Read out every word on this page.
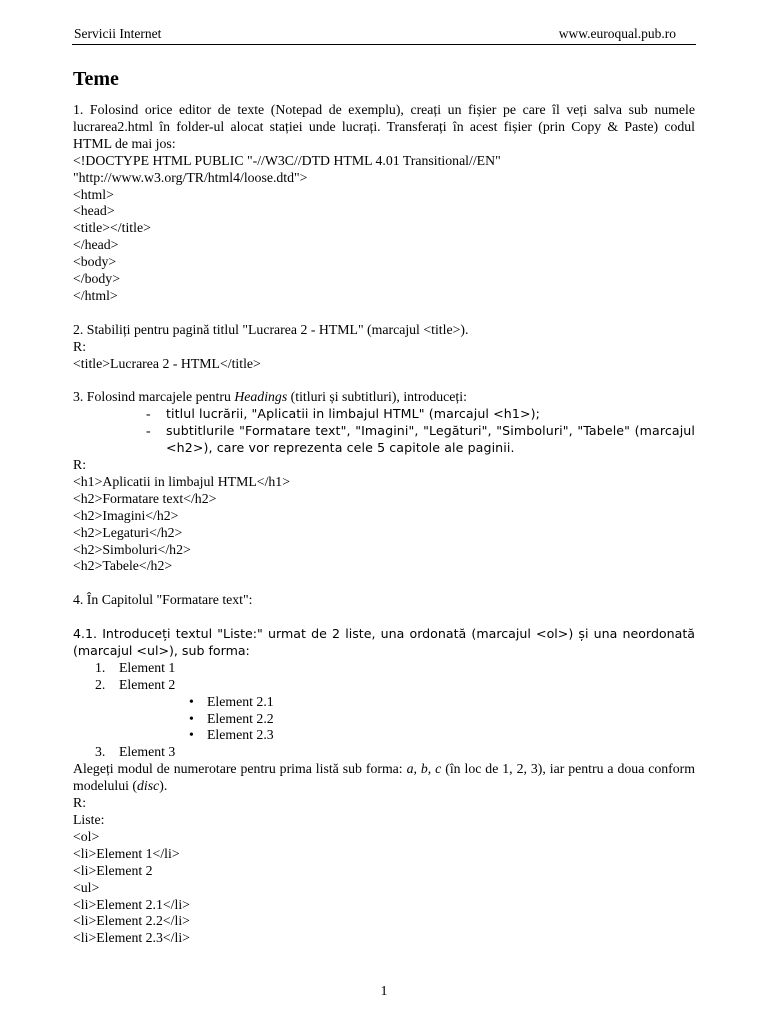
Servicii Internet	www.euroqual.pub.ro
Teme

1. Folosind orice editor de texte (Notepad de exemplu), creați un fișier pe care îl veți salva sub numele lucrarea2.html în folder-ul alocat stației unde lucrați. Transferați în acest fișier (prin Copy & Paste) codul HTML de mai jos:

<!DOCTYPE HTML PUBLIC "-//W3C//DTD HTML 4.01 Transitional//EN"

"http://www.w3.org/TR/html4/loose.dtd">

<html>

<head>

<title></title>

</head>

<body>

</body>

</html>

2. Stabiliți pentru pagină titlul "Lucrarea 2 - HTML" (marcajul <title>).

R:

<title>Lucrarea 2 - HTML</title>

3. Folosind marcajele pentru Headings (titluri și subtitluri), introduceți:

- titlul lucrării, "Aplicatii in limbajul HTML" (marcajul <h1>);
- subtitlurile "Formatare text", "Imagini", "Legături", "Simboluri", "Tabele" (marcajul <h2>), care vor reprezenta cele 5 capitole ale paginii.

R:

<h1>Aplicatii in limbajul HTML</h1>

<h2>Formatare text</h2>

<h2>Imagini</h2>

<h2>Legaturi</h2>

<h2>Simboluri</h2>

<h2>Tabele</h2>

4. În Capitolul "Formatare text":

4.1. Introduceți textul "Liste:" urmat de 2 liste, una ordonată (marcajul <ol>) și una neordonată (marcajul <ul>), sub forma:

1. Element 1
2. Element 2
• Element 2.1
• Element 2.2
• Element 2.3
3. Element 3

Alegeți modul de numerotare pentru prima listă sub forma: a, b, c (în loc de 1, 2, 3), iar pentru a doua conform modelului (disc).

R:

Liste:

<ol>

<li>Element 1</li>

<li>Element 2

<ul>

<li>Element 2.1</li>

<li>Element 2.2</li>

<li>Element 2.3</li>

1
